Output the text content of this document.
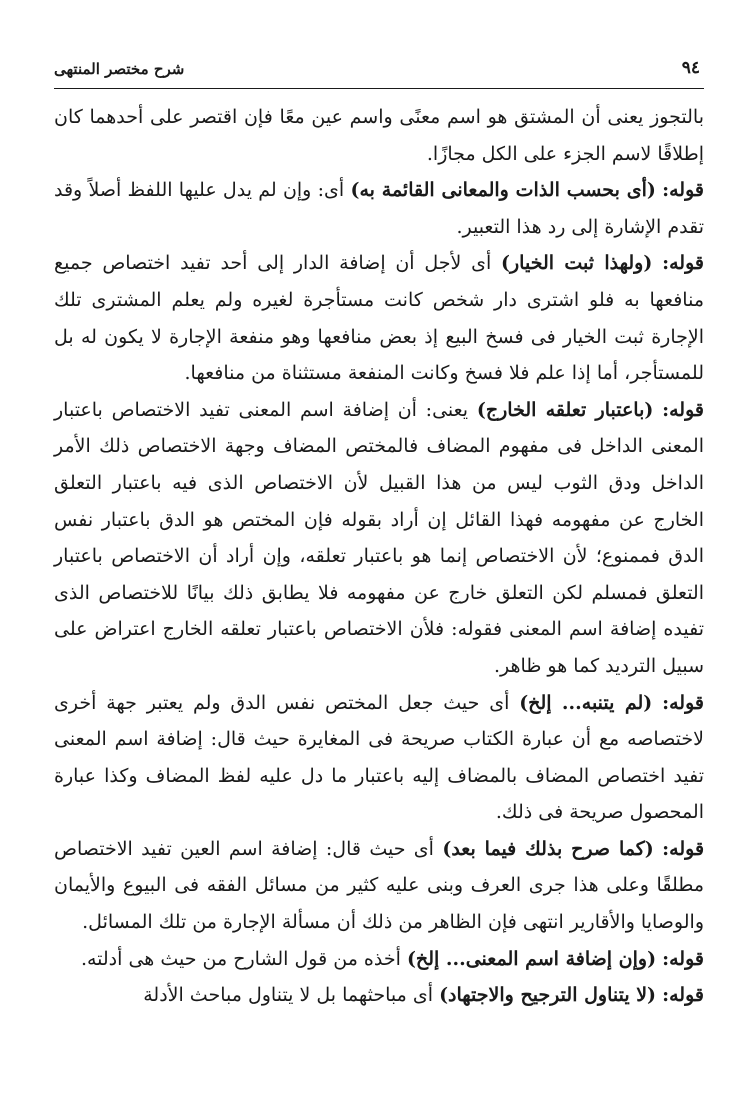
٩٤
شرح مختصر المنتهى

بالتجوز يعنى أن المشتق هو اسم معنًى واسم عين معًا فإن اقتصر على أحدهما كان إطلاقًا لاسم الجزء على الكل مجازًا.

قوله: (أى بحسب الذات والمعانى القائمة به) أى: وإن لم يدل عليها اللفظ أصلاً وقد تقدم الإشارة إلى رد هذا التعبير.

قوله: (ولهذا ثبت الخيار) أى لأجل أن إضافة الدار إلى أحد تفيد اختصاص جميع منافعها به فلو اشترى دار شخص كانت مستأجرة لغيره ولم يعلم المشترى تلك الإجارة ثبت الخيار فى فسخ البيع إذ بعض منافعها وهو منفعة الإجارة لا يكون له بل للمستأجر، أما إذا علم فلا فسخ وكانت المنفعة مستثناة من منافعها.

قوله: (باعتبار تعلقه الخارج) يعنى: أن إضافة اسم المعنى تفيد الاختصاص باعتبار المعنى الداخل فى مفهوم المضاف فالمختص المضاف وجهة الاختصاص ذلك الأمر الداخل ودق الثوب ليس من هذا القبيل لأن الاختصاص الذى فيه باعتبار التعلق الخارج عن مفهومه فهذا القائل إن أراد بقوله فإن المختص هو الدق باعتبار نفس الدق فممنوع؛ لأن الاختصاص إنما هو باعتبار تعلقه، وإن أراد أن الاختصاص باعتبار التعلق فمسلم لكن التعلق خارج عن مفهومه فلا يطابق ذلك بيانًا للاختصاص الذى تفيده إضافة اسم المعنى فقوله: فلأن الاختصاص باعتبار تعلقه الخارج اعتراض على سبيل الترديد كما هو ظاهر.

قوله: (لم يتنبه... إلخ) أى حيث جعل المختص نفس الدق ولم يعتبر جهة أخرى لاختصاصه مع أن عبارة الكتاب صريحة فى المغايرة حيث قال: إضافة اسم المعنى تفيد اختصاص المضاف بالمضاف إليه باعتبار ما دل عليه لفظ المضاف وكذا عبارة المحصول صريحة فى ذلك.

قوله: (كما صرح بذلك فيما بعد) أى حيث قال: إضافة اسم العين تفيد الاختصاص مطلقًا وعلى هذا جرى العرف وبنى عليه كثير من مسائل الفقه فى البيوع والأيمان والوصايا والأقارير انتهى فإن الظاهر من ذلك أن مسألة الإجارة من تلك المسائل.

قوله: (وإن إضافة اسم المعنى... إلخ) أخذه من قول الشارح من حيث هى أدلته.

قوله: (لا يتناول الترجيح والاجتهاد) أى مباحثهما بل لا يتناول مباحث الأدلة
